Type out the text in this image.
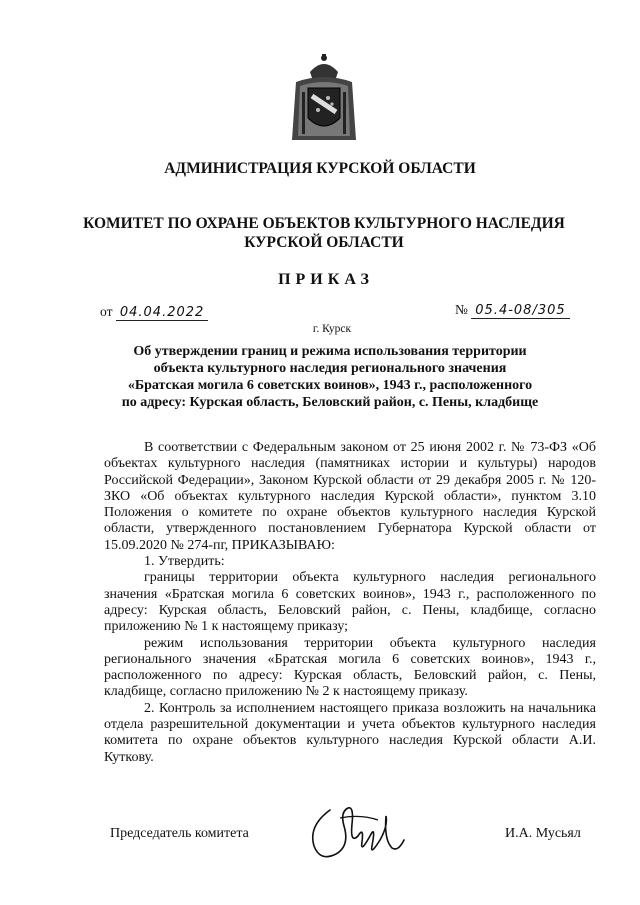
АДМИНИСТРАЦИЯ КУРСКОЙ ОБЛАСТИ
КОМИТЕТ ПО ОХРАНЕ ОБЪЕКТОВ КУЛЬТУРНОГО НАСЛЕДИЯ
КУРСКОЙ ОБЛАСТИ
ПРИКАЗ
от 04.04.2022	№ 05.4-08/305
г. Курск
Об утверждении границ и режима использования территории объекта культурного наследия регионального значения «Братская могила 6 советских воинов», 1943 г., расположенного по адресу: Курская область, Беловский район, с. Пены, кладбище

В соответствии с Федеральным законом от 25 июня 2002 г. № 73-ФЗ «Об объектах культурного наследия (памятниках истории и культуры) народов Российской Федерации», Законом Курской области от 29 декабря 2005 г. № 120-ЗКО «Об объектах культурного наследия Курской области», пунктом 3.10 Положения о комитете по охране объектов культурного наследия Курской области, утвержденного постановлением Губернатора Курской области от 15.09.2020 № 274-пг, ПРИКАЗЫВАЮ:

1. Утвердить:

границы территории объекта культурного наследия регионального значения «Братская могила 6 советских воинов», 1943 г., расположенного по адресу: Курская область, Беловский район, с. Пены, кладбище, согласно приложению № 1 к настоящему приказу;

режим использования территории объекта культурного наследия регионального значения «Братская могила 6 советских воинов», 1943 г., расположенного по адресу: Курская область, Беловский район, с. Пены, кладбище, согласно приложению № 2 к настоящему приказу.

2. Контроль за исполнением настоящего приказа возложить на начальника отдела разрешительной документации и учета объектов культурного наследия комитета по охране объектов культурного наследия Курской области А.И. Куткову.

Председатель комитета	И.А. Мусьял
